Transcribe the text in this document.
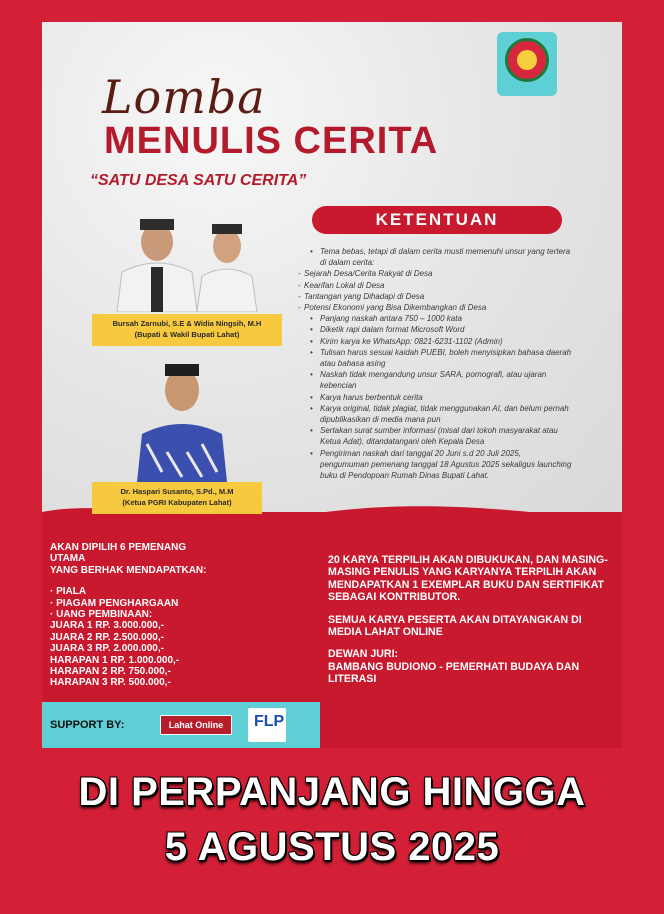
Lomba
MENULIS CERITA
“SATU DESA SATU CERITA”
KETENTUAN
Bursah Zarnubi, S.E & Widia Ningsih, M.H
(Bupati & Wakil Bupati Lahat)
Dr. Haspari Susanto, S.Pd., M.M
(Ketua PGRI Kabupaten Lahat)
• Tema bebas, tetapi di dalam cerita musti memenuhi unsur yang tertera di dalam cerita:
- Sejarah Desa/Cerita Rakyat di Desa
- Kearifan Lokal di Desa
- Tantangan yang Dihadapi di Desa
- Potensi Ekonomi yang Bisa Dikembangkan di Desa
• Panjang naskah antara 750 – 1000 kata
• Diketik rapi dalam format Microsoft Word
• Kirim karya ke WhatsApp: 0821-6231-1102 (Admin)
• Tulisan harus sesuai kaidah PUEBI, boleh menyisipkan bahasa daerah atau bahasa asing
• Naskah tidak mengandung unsur SARA, pornografi, atau ujaran kebencian
• Karya harus berbentuk cerita
• Karya original, tidak plagiat, tidak menggunakan AI, dan belum pernah dipublikasikan di media mana pun
• Sertakan surat sumber informasi (misal dari tokoh masyarakat atau Ketua Adat), ditandatangani oleh Kepala Desa
• Pengiriman naskah dari tanggal 20 Juni s.d 20 Juli 2025, pengumuman pemenang tanggal 18 Agustus 2025 sekaligus launching buku di Pendopoan Rumah Dinas Bupati Lahat.
AKAN DIPILIH 6 PEMENANG
UTAMA
YANG BERHAK MENDAPATKAN:
· PIALA
· PIAGAM PENGHARGAAN
· UANG PEMBINAAN:
JUARA 1 RP. 3.000.000,-
JUARA 2 RP. 2.500.000,-
JUARA 3 RP. 2.000.000,-
HARAPAN 1 RP. 1.000.000,-
HARAPAN 2 RP. 750.000,-
HARAPAN 3 RP. 500.000,-

20 KARYA TERPILIH AKAN DIBUKUKAN, DAN MASING-MASING PENULIS YANG KARYANYA TERPILIH AKAN MENDAPATKAN 1 EXEMPLAR BUKU DAN SERTIFIKAT SEBAGAI KONTRIBUTOR.

SEMUA KARYA PESERTA AKAN DITAYANGKAN DI MEDIA LAHAT ONLINE

DEWAN JURI:
BAMBANG BUDIONO - PEMERHATI BUDAYA DAN LITERASI
SUPPORT BY:	Lahat Online	FLP
DI PERPANJANG HINGGA
5 AGUSTUS 2025
